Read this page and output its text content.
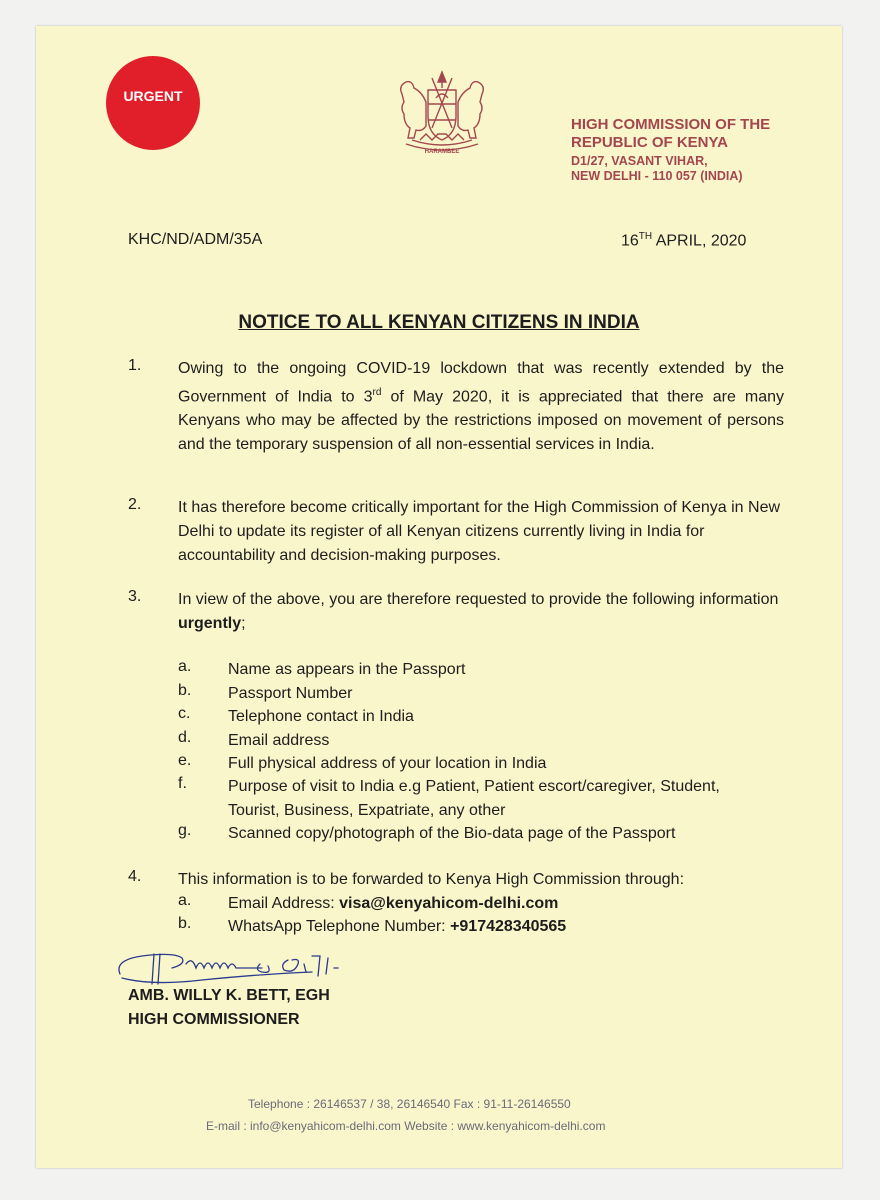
URGENT
HARAMBEE
HIGH COMMISSION OF THE
REPUBLIC OF KENYA
D1/27, VASANT VIHAR,
NEW DELHI - 110 057 (INDIA)
KHC/ND/ADM/35A	16TH APRIL, 2020
NOTICE TO ALL KENYAN CITIZENS IN INDIA
1.	Owing to the ongoing COVID-19 lockdown that was recently extended by the Government of India to 3rd of May 2020, it is appreciated that there are many Kenyans who may be affected by the restrictions imposed on movement of persons and the temporary suspension of all non-essential services in India.
2.	It has therefore become critically important for the High Commission of Kenya in New Delhi to update its register of all Kenyan citizens currently living in India for accountability and decision-making purposes.
3.	In view of the above, you are therefore requested to provide the following information urgently;
a.	Name as appears in the Passport
b.	Passport Number
c.	Telephone contact in India
d.	Email address
e.	Full physical address of your location in India
f.	Purpose of visit to India e.g Patient, Patient escort/caregiver, Student, Tourist, Business, Expatriate, any other
g.	Scanned copy/photograph of the Bio-data page of the Passport
4.	This information is to be forwarded to Kenya High Commission through:
a.	Email Address: visa@kenyahicom-delhi.com
b.	WhatsApp Telephone Number: +917428340565
AMB. WILLY K. BETT, EGH
HIGH COMMISSIONER
Telephone : 26146537 / 38, 26146540 Fax : 91-11-26146550
E-mail : info@kenyahicom-delhi.com Website : www.kenyahicom-delhi.com
